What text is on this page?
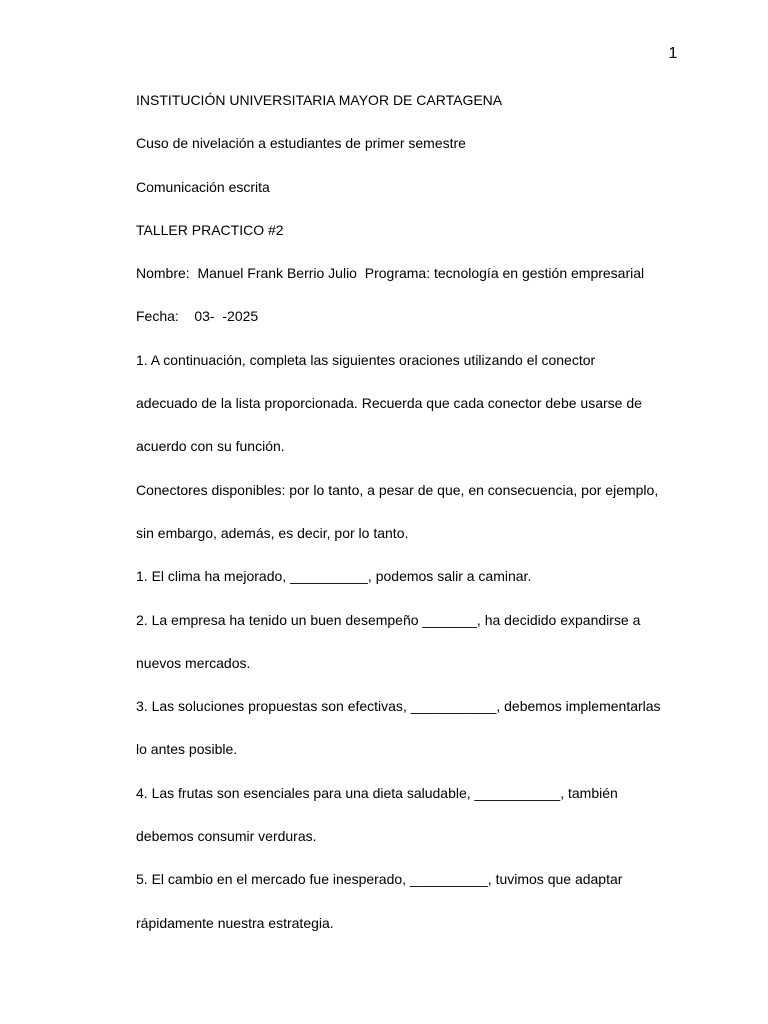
1

INSTITUCIÓN UNIVERSITARIA MAYOR DE CARTAGENA

Cuso de nivelación a estudiantes de primer semestre

Comunicación escrita

TALLER PRACTICO #2

Nombre:  Manuel Frank Berrio Julio  Programa: tecnología en gestión empresarial

Fecha:    03-  -2025

1. A continuación, completa las siguientes oraciones utilizando el conector

adecuado de la lista proporcionada. Recuerda que cada conector debe usarse de

acuerdo con su función.

Conectores disponibles: por lo tanto, a pesar de que, en consecuencia, por ejemplo,

sin embargo, además, es decir, por lo tanto.

1. El clima ha mejorado, __________, podemos salir a caminar.

2. La empresa ha tenido un buen desempeño _______, ha decidido expandirse a

nuevos mercados.

3. Las soluciones propuestas son efectivas, ___________, debemos implementarlas

lo antes posible.

4. Las frutas son esenciales para una dieta saludable, ___________, también

debemos consumir verduras.

5. El cambio en el mercado fue inesperado, __________, tuvimos que adaptar

rápidamente nuestra estrategia.
